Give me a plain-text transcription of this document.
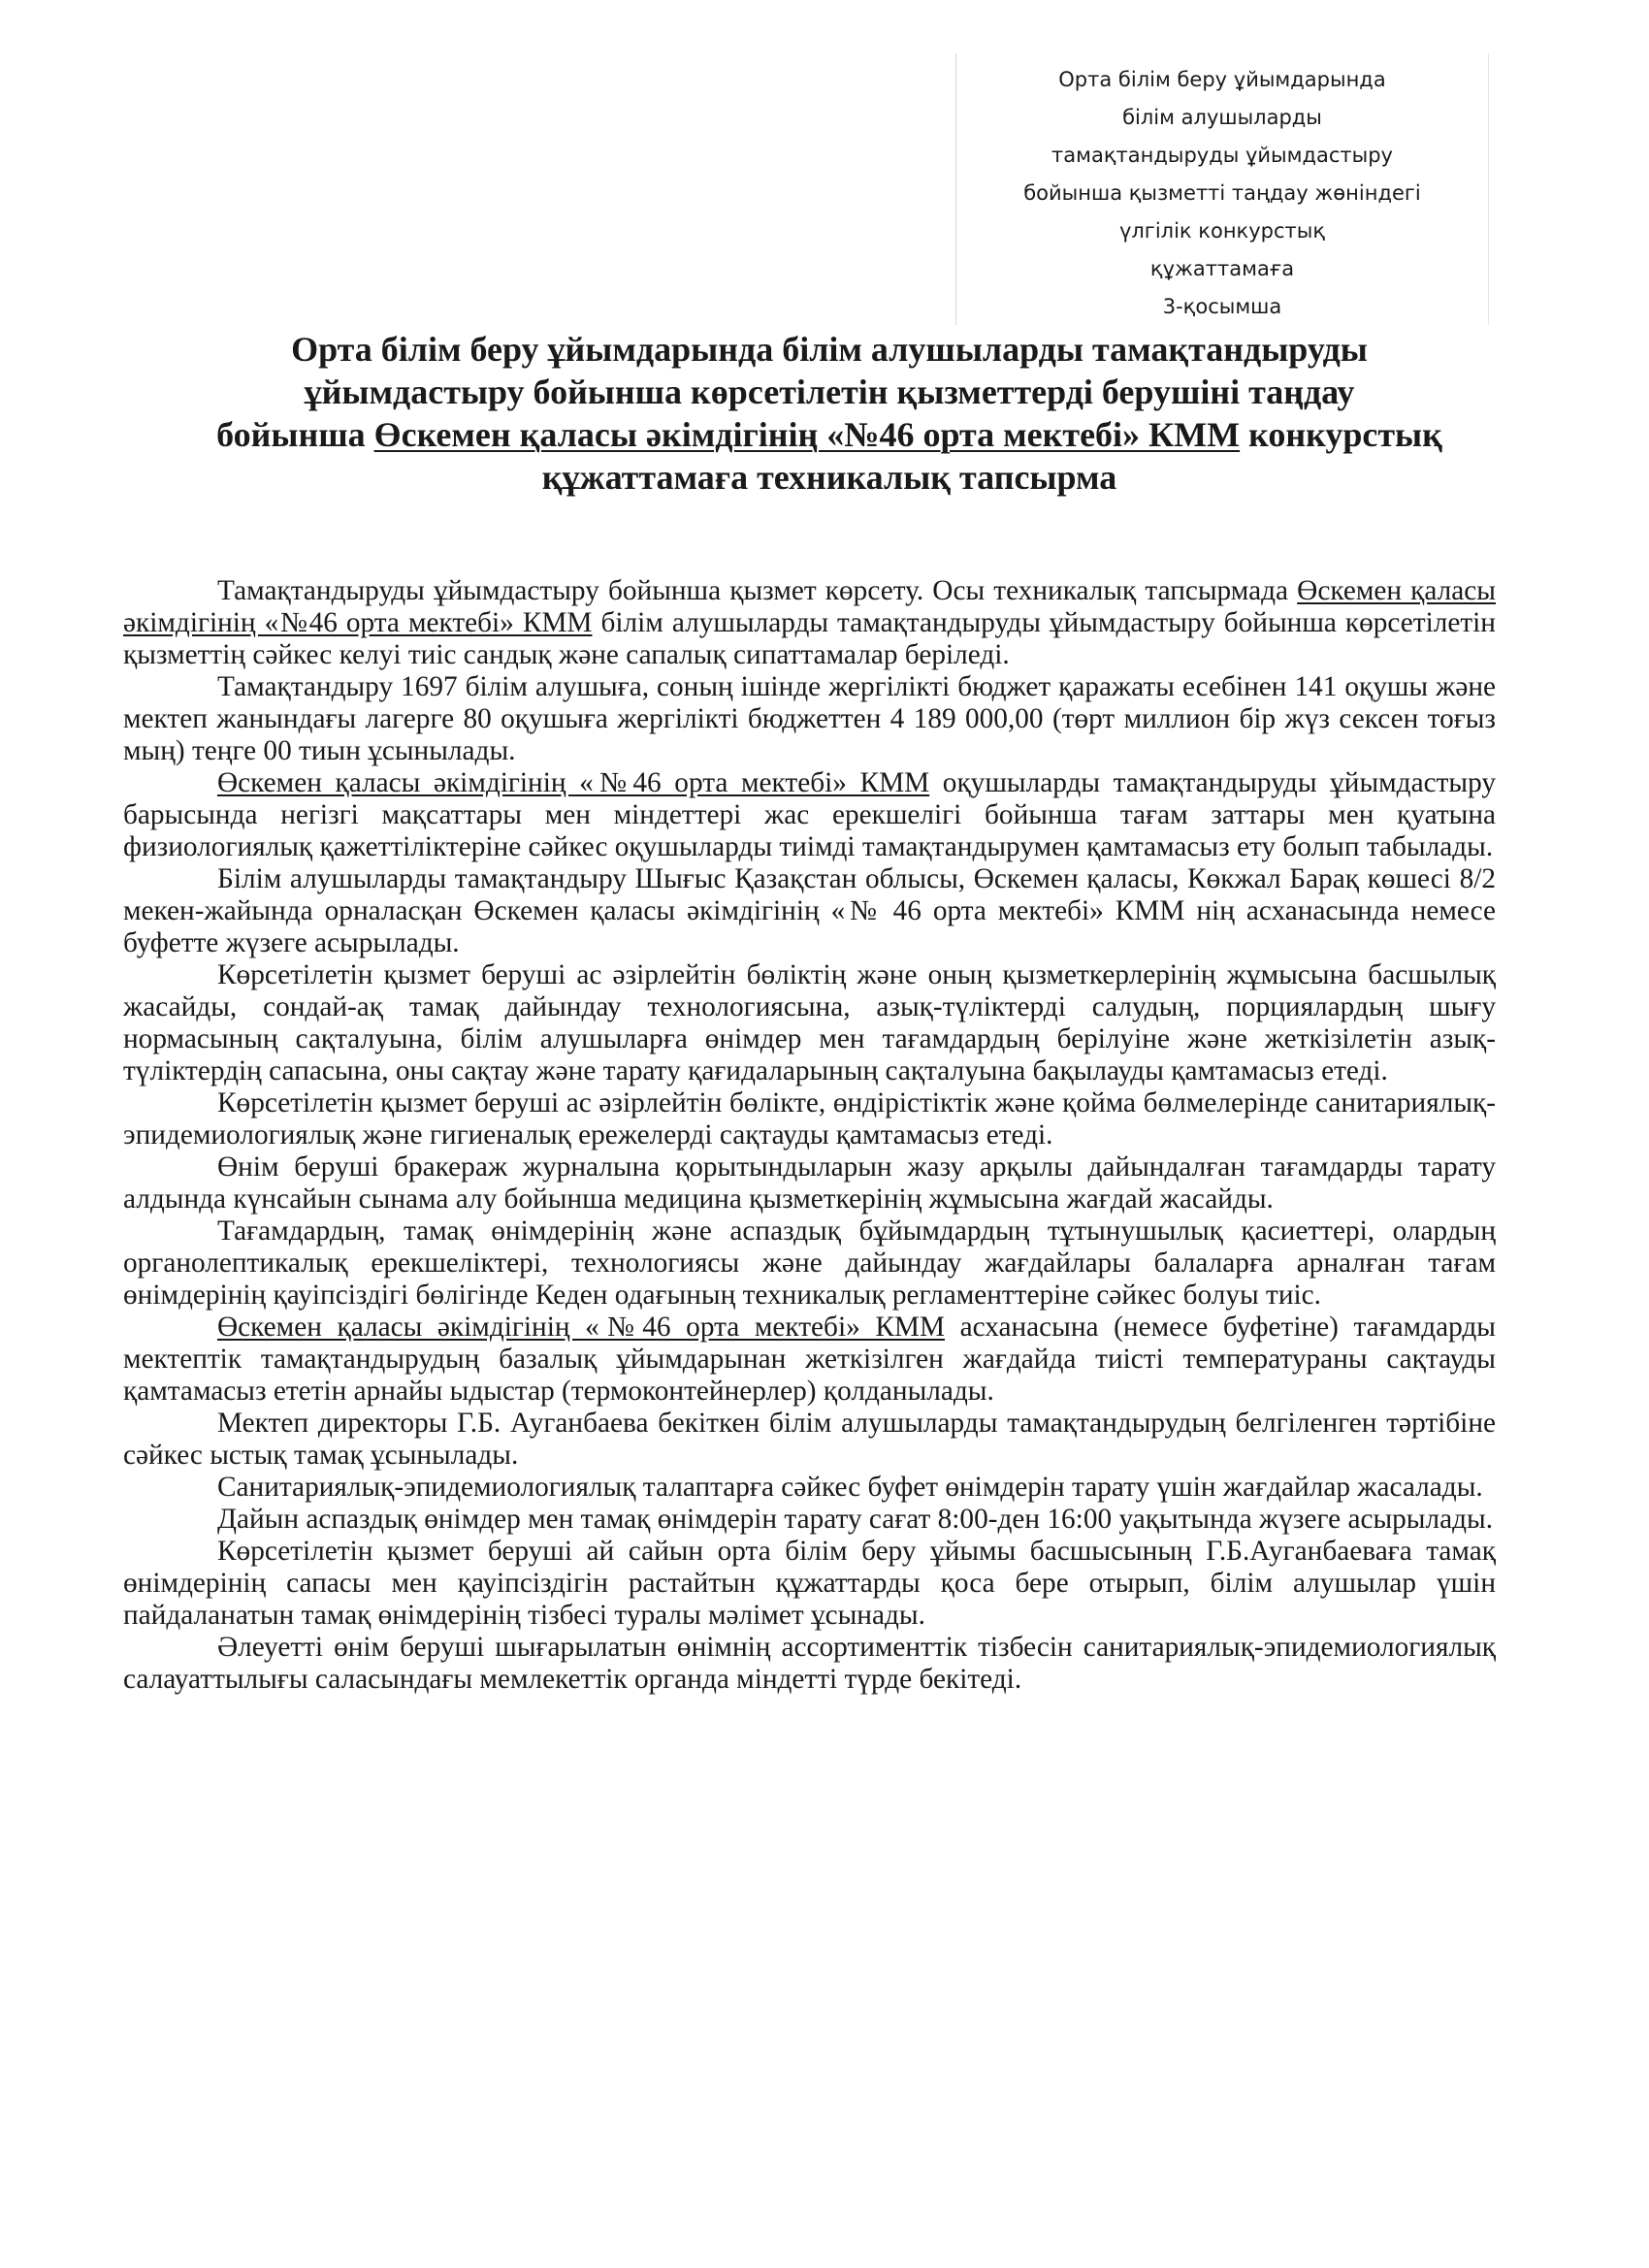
Орта білім беру ұйымдарында
білім алушыларды
тамақтандыруды ұйымдастыру
бойынша қызметті таңдау жөніндегі
үлгілік конкурстық
құжаттамаға
3-қосымша
Орта білім беру ұйымдарында білім алушыларды тамақтандыруды
ұйымдастыру бойынша көрсетілетін қызметтерді берушіні таңдау
бойынша Өскемен қаласы әкімдігінің «№46 орта мектебі» КММ конкурстық
құжаттамаға техникалық тапсырма

Тамақтандыруды ұйымдастыру бойынша қызмет көрсету. Осы техникалық тапсырмада Өскемен қаласы әкімдігінің «№46 орта мектебі» КММ білім алушыларды тамақтандыруды ұйымдастыру бойынша көрсетілетін қызметтің сәйкес келуі тиіс сандық және сапалық сипаттамалар беріледі.

Тамақтандыру 1697 білім алушыға, соның ішінде жергілікті бюджет қаражаты есебінен 141 оқушы және мектеп жанындағы лагерге 80 оқушыға жергілікті бюджеттен 4 189 000,00 (төрт миллион бір жүз сексен тоғыз мың) теңге 00 тиын ұсынылады.

Өскемен қаласы әкімдігінің «№46 орта мектебі» КММ оқушыларды тамақтандыруды ұйымдастыру барысында негізгі мақсаттары мен міндеттері жас ерекшелігі бойынша тағам заттары мен қуатына физиологиялық қажеттіліктеріне сәйкес оқушыларды тиімді тамақтандырумен қамтамасыз ету болып табылады.

Білім алушыларды тамақтандыру Шығыс Қазақстан облысы, Өскемен қаласы, Көкжал Барақ көшесі 8/2 мекен-жайында орналасқан Өскемен қаласы әкімдігінің «№ 46 орта мектебі» КММ нің асханасында немесе буфетте жүзеге асырылады.

Көрсетілетін қызмет беруші ас әзірлейтін бөліктің және оның қызметкерлерінің жұмысына басшылық жасайды, сондай-ақ тамақ дайындау технологиясына, азық-түліктерді салудың, порциялардың шығу нормасының сақталуына, білім алушыларға өнімдер мен тағамдардың берілуіне және жеткізілетін азық-түліктердің сапасына, оны сақтау және тарату қағидаларының сақталуына бақылауды қамтамасыз етеді.

Көрсетілетін қызмет беруші ас әзірлейтін бөлікте, өндірістіктік және қойма бөлмелерінде санитариялық-эпидемиологиялық және гигиеналық ережелерді сақтауды қамтамасыз етеді.

Өнім беруші бракераж журналына қорытындыларын жазу арқылы дайындалған тағамдарды тарату алдында күнсайын сынама алу бойынша медицина қызметкерінің жұмысына жағдай жасайды.

Тағамдардың, тамақ өнімдерінің және аспаздық бұйымдардың тұтынушылық қасиеттері, олардың органолептикалық ерекшеліктері, технологиясы және дайындау жағдайлары балаларға арналған тағам өнімдерінің қауіпсіздігі бөлігінде Кеден одағының техникалық регламенттеріне сәйкес болуы тиіс.

Өскемен қаласы әкімдігінің «№46 орта мектебі» КММ асханасына (немесе буфетіне) тағамдарды мектептік тамақтандырудың базалық ұйымдарынан жеткізілген жағдайда тиісті температураны сақтауды қамтамасыз ететін арнайы ыдыстар (термоконтейнерлер) қолданылады.

Мектеп директоры Г.Б. Ауганбаева бекіткен білім алушыларды тамақтандырудың белгіленген тәртібіне сәйкес ыстық тамақ ұсынылады.

Санитариялық-эпидемиологиялық талаптарға сәйкес буфет өнімдерін тарату үшін жағдайлар жасалады.

Дайын аспаздық өнімдер мен тамақ өнімдерін тарату сағат 8:00-ден 16:00 уақытында жүзеге асырылады.

Көрсетілетін қызмет беруші ай сайын орта білім беру ұйымы басшысының Г.Б.Ауганбаеваға тамақ өнімдерінің сапасы мен қауіпсіздігін растайтын құжаттарды қоса бере отырып, білім алушылар үшін пайдаланатын тамақ өнімдерінің тізбесі туралы мәлімет ұсынады.

Әлеуетті өнім беруші шығарылатын өнімнің ассортименттік тізбесін санитариялық-эпидемиологиялық салауаттылығы саласындағы мемлекеттік органда міндетті түрде бекітеді.
